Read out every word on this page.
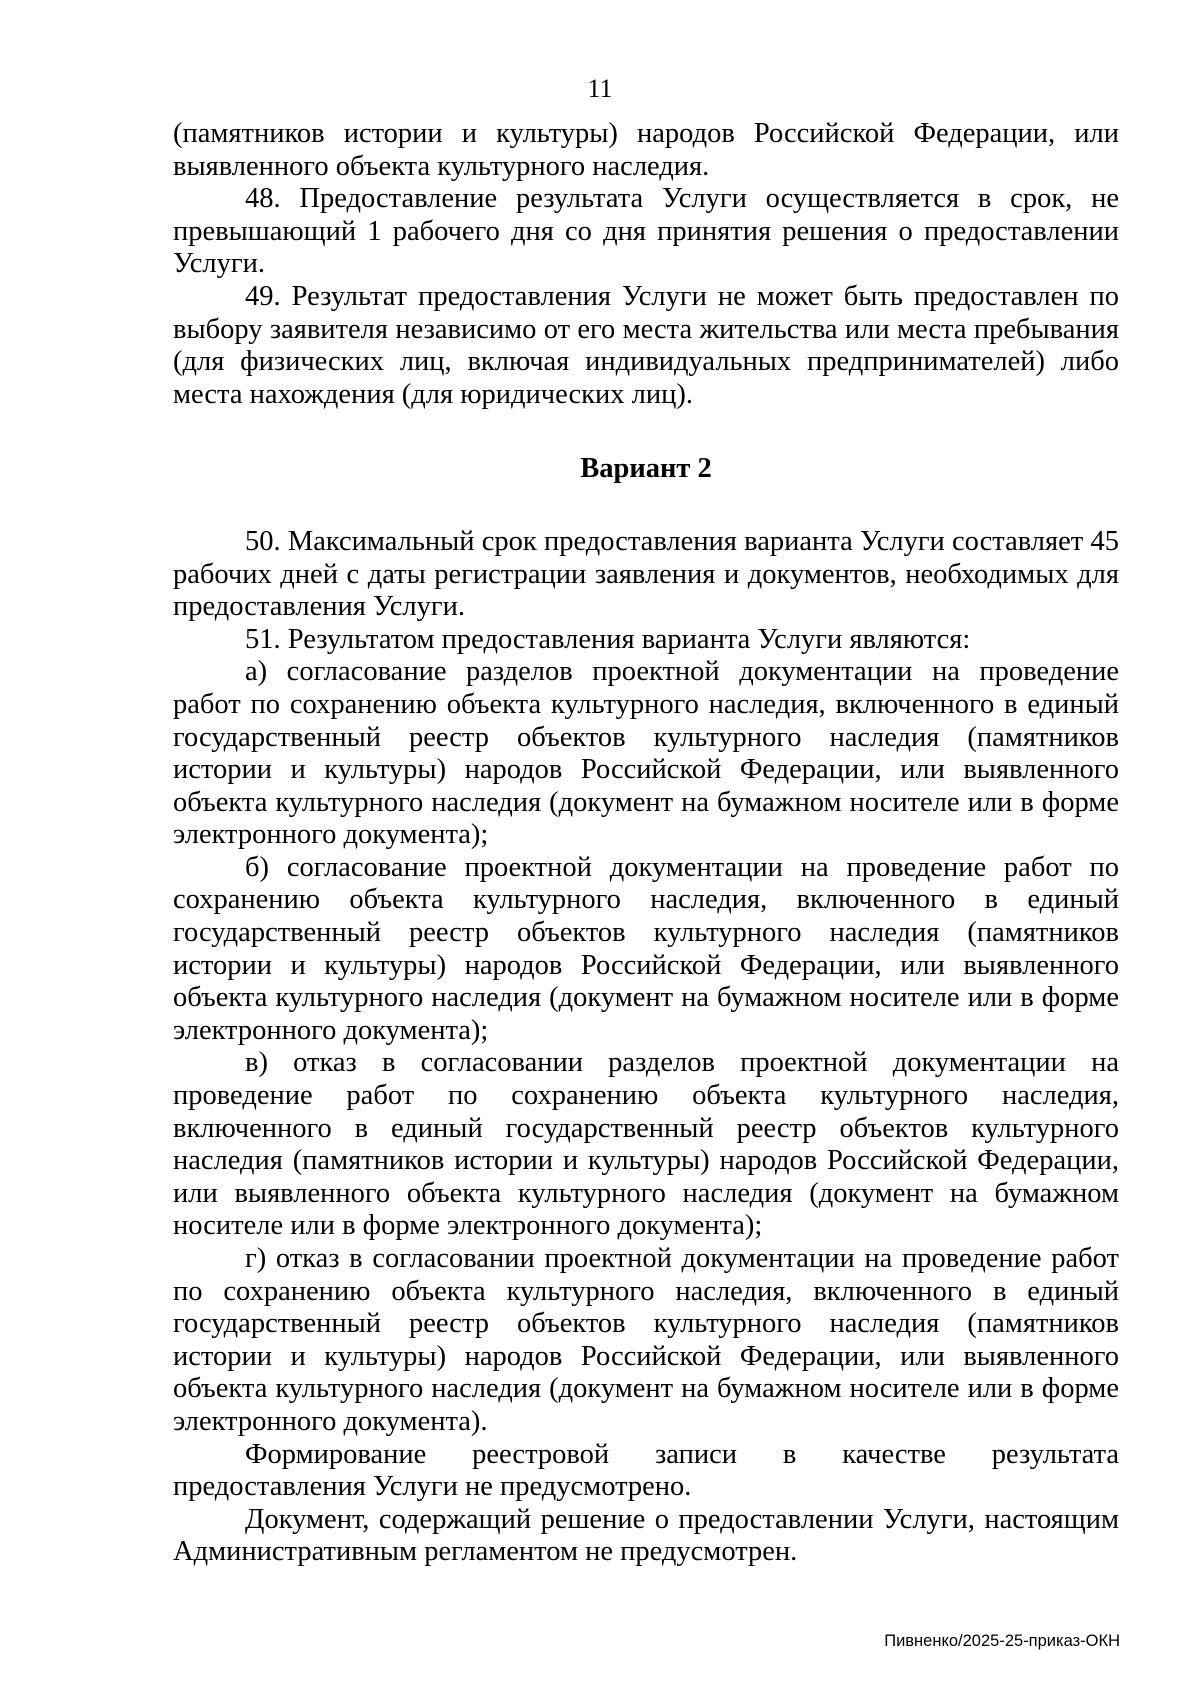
11

(памятников истории и культуры) народов Российской Федерации, или выявленного объекта культурного наследия.

48. Предоставление результата Услуги осуществляется в срок, не превышающий 1 рабочего дня со дня принятия решения о предоставлении Услуги.

49. Результат предоставления Услуги не может быть предоставлен по выбору заявителя независимо от его места жительства или места пребывания (для физических лиц, включая индивидуальных предпринимателей) либо места нахождения (для юридических лиц).

Вариант 2

50. Максимальный срок предоставления варианта Услуги составляет 45 рабочих дней с даты регистрации заявления и документов, необходимых для предоставления Услуги.

51. Результатом предоставления варианта Услуги являются:

а) согласование разделов проектной документации на проведение работ по сохранению объекта культурного наследия, включенного в единый государственный реестр объектов культурного наследия (памятников истории и культуры) народов Российской Федерации, или выявленного объекта культурного наследия (документ на бумажном носителе или в форме электронного документа);

б) согласование проектной документации на проведение работ по сохранению объекта культурного наследия, включенного в единый государственный реестр объектов культурного наследия (памятников истории и культуры) народов Российской Федерации, или выявленного объекта культурного наследия (документ на бумажном носителе или в форме электронного документа);

в) отказ в согласовании разделов проектной документации на проведение работ по сохранению объекта культурного наследия, включенного в единый государственный реестр объектов культурного наследия (памятников истории и культуры) народов Российской Федерации, или выявленного объекта культурного наследия (документ на бумажном носителе или в форме электронного документа);

г) отказ в согласовании проектной документации на проведение работ по сохранению объекта культурного наследия, включенного в единый государственный реестр объектов культурного наследия (памятников истории и культуры) народов Российской Федерации, или выявленного объекта культурного наследия (документ на бумажном носителе или в форме электронного документа).

Формирование реестровой записи в качестве результата предоставления Услуги не предусмотрено.

Документ, содержащий решение о предоставлении Услуги, настоящим Административным регламентом не предусмотрен.

Пивненко/2025-25-приказ-ОКН
